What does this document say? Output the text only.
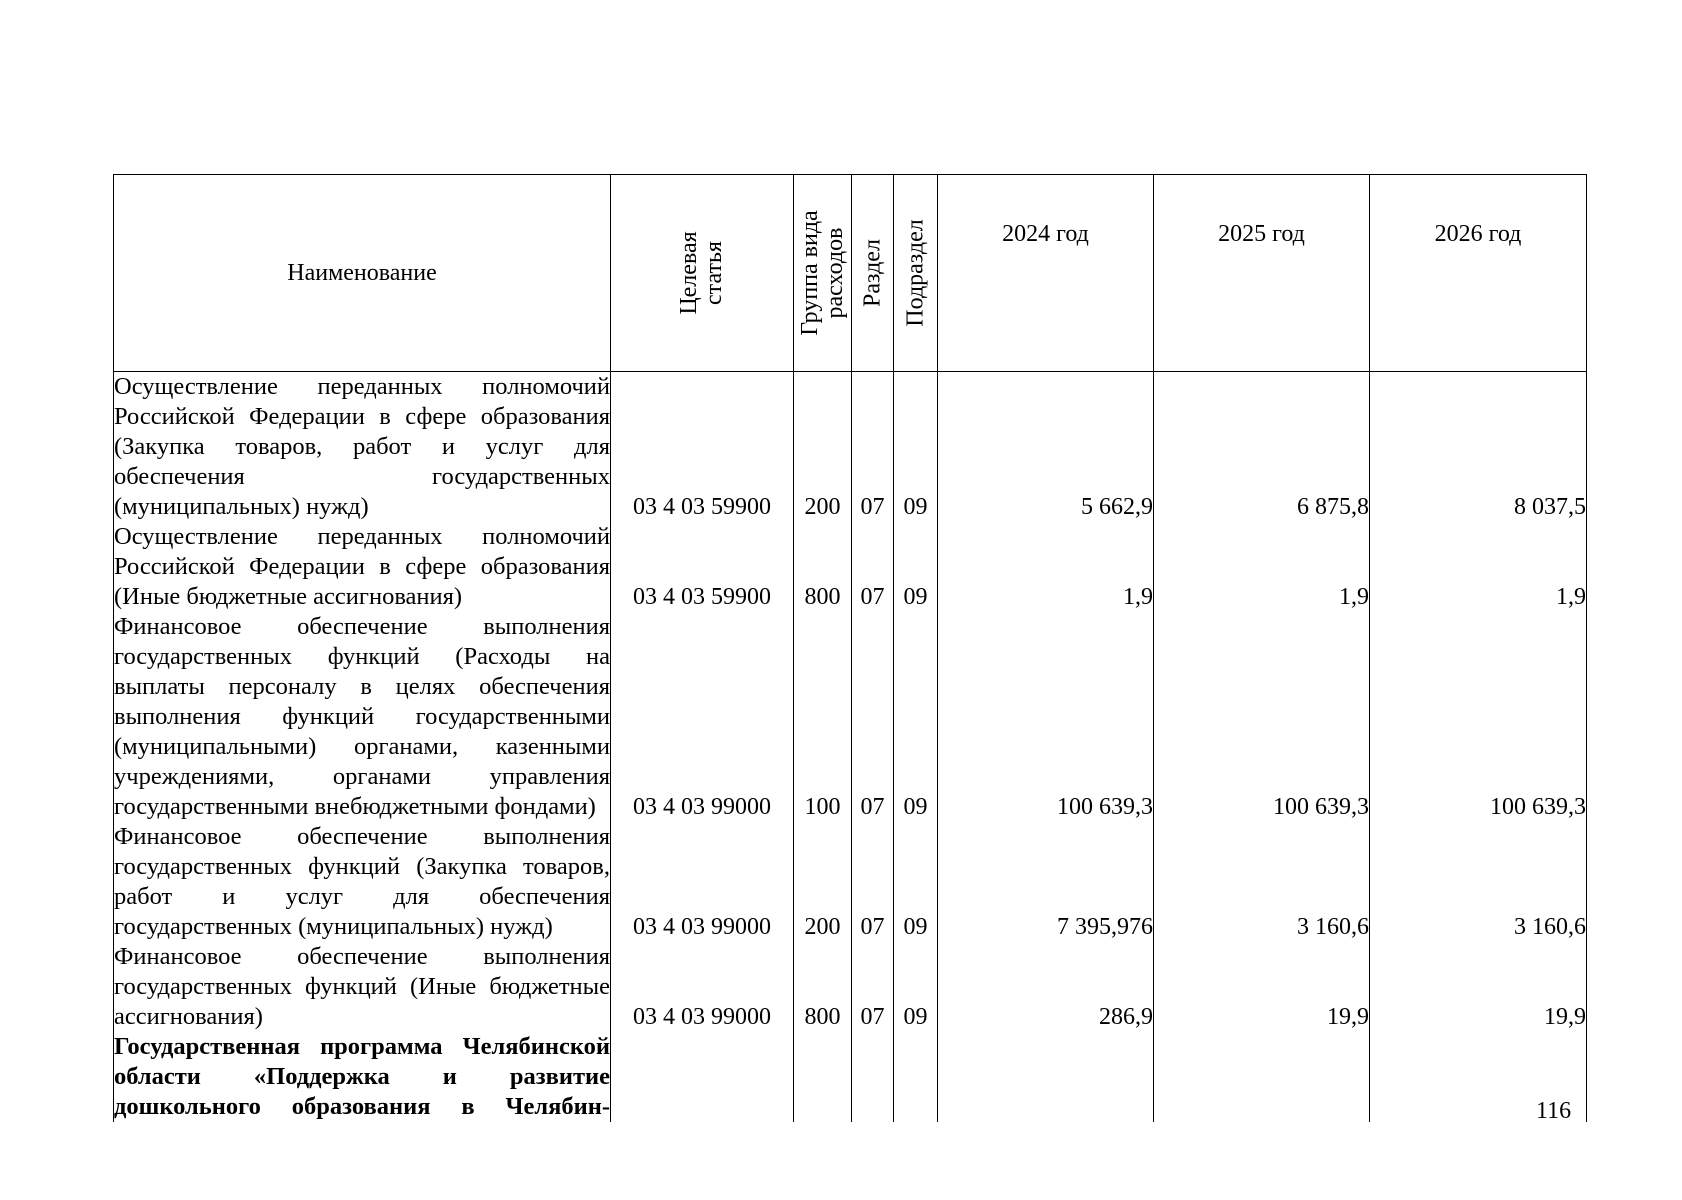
Наименование	Целевая статья	Группа вида расходов	Раздел	Подраздел	2024 год	2025 год	2026 год
Осуществление переданных полномочий Российской Федерации в сфере образования (Закупка товаров, работ и услуг для обеспечения государственных (муниципальных) нужд)	03 4 03 59900	200	07	09	5 662,9	6 875,8	8 037,5
Осуществление переданных полномочий Российской Федерации в сфере образования (Иные бюджетные ассигнования)	03 4 03 59900	800	07	09	1,9	1,9	1,9
Финансовое обеспечение выполнения государственных функций (Расходы на выплаты персоналу в целях обеспечения выполнения функций государственными (муниципальными) органами, казенными учреждениями, органами управления государственными внебюджетными фондами)	03 4 03 99000	100	07	09	100 639,3	100 639,3	100 639,3
Финансовое обеспечение выполнения государственных функций (Закупка товаров, работ и услуг для обеспечения государственных (муниципальных) нужд)	03 4 03 99000	200	07	09	7 395,976	3 160,6	3 160,6
Финансовое обеспечение выполнения государственных функций (Иные бюджетные ассигнования)	03 4 03 99000	800	07	09	286,9	19,9	19,9
Государственная программа Челябинской области «Поддержка и развитие дошкольного образования в Челябин-								116
